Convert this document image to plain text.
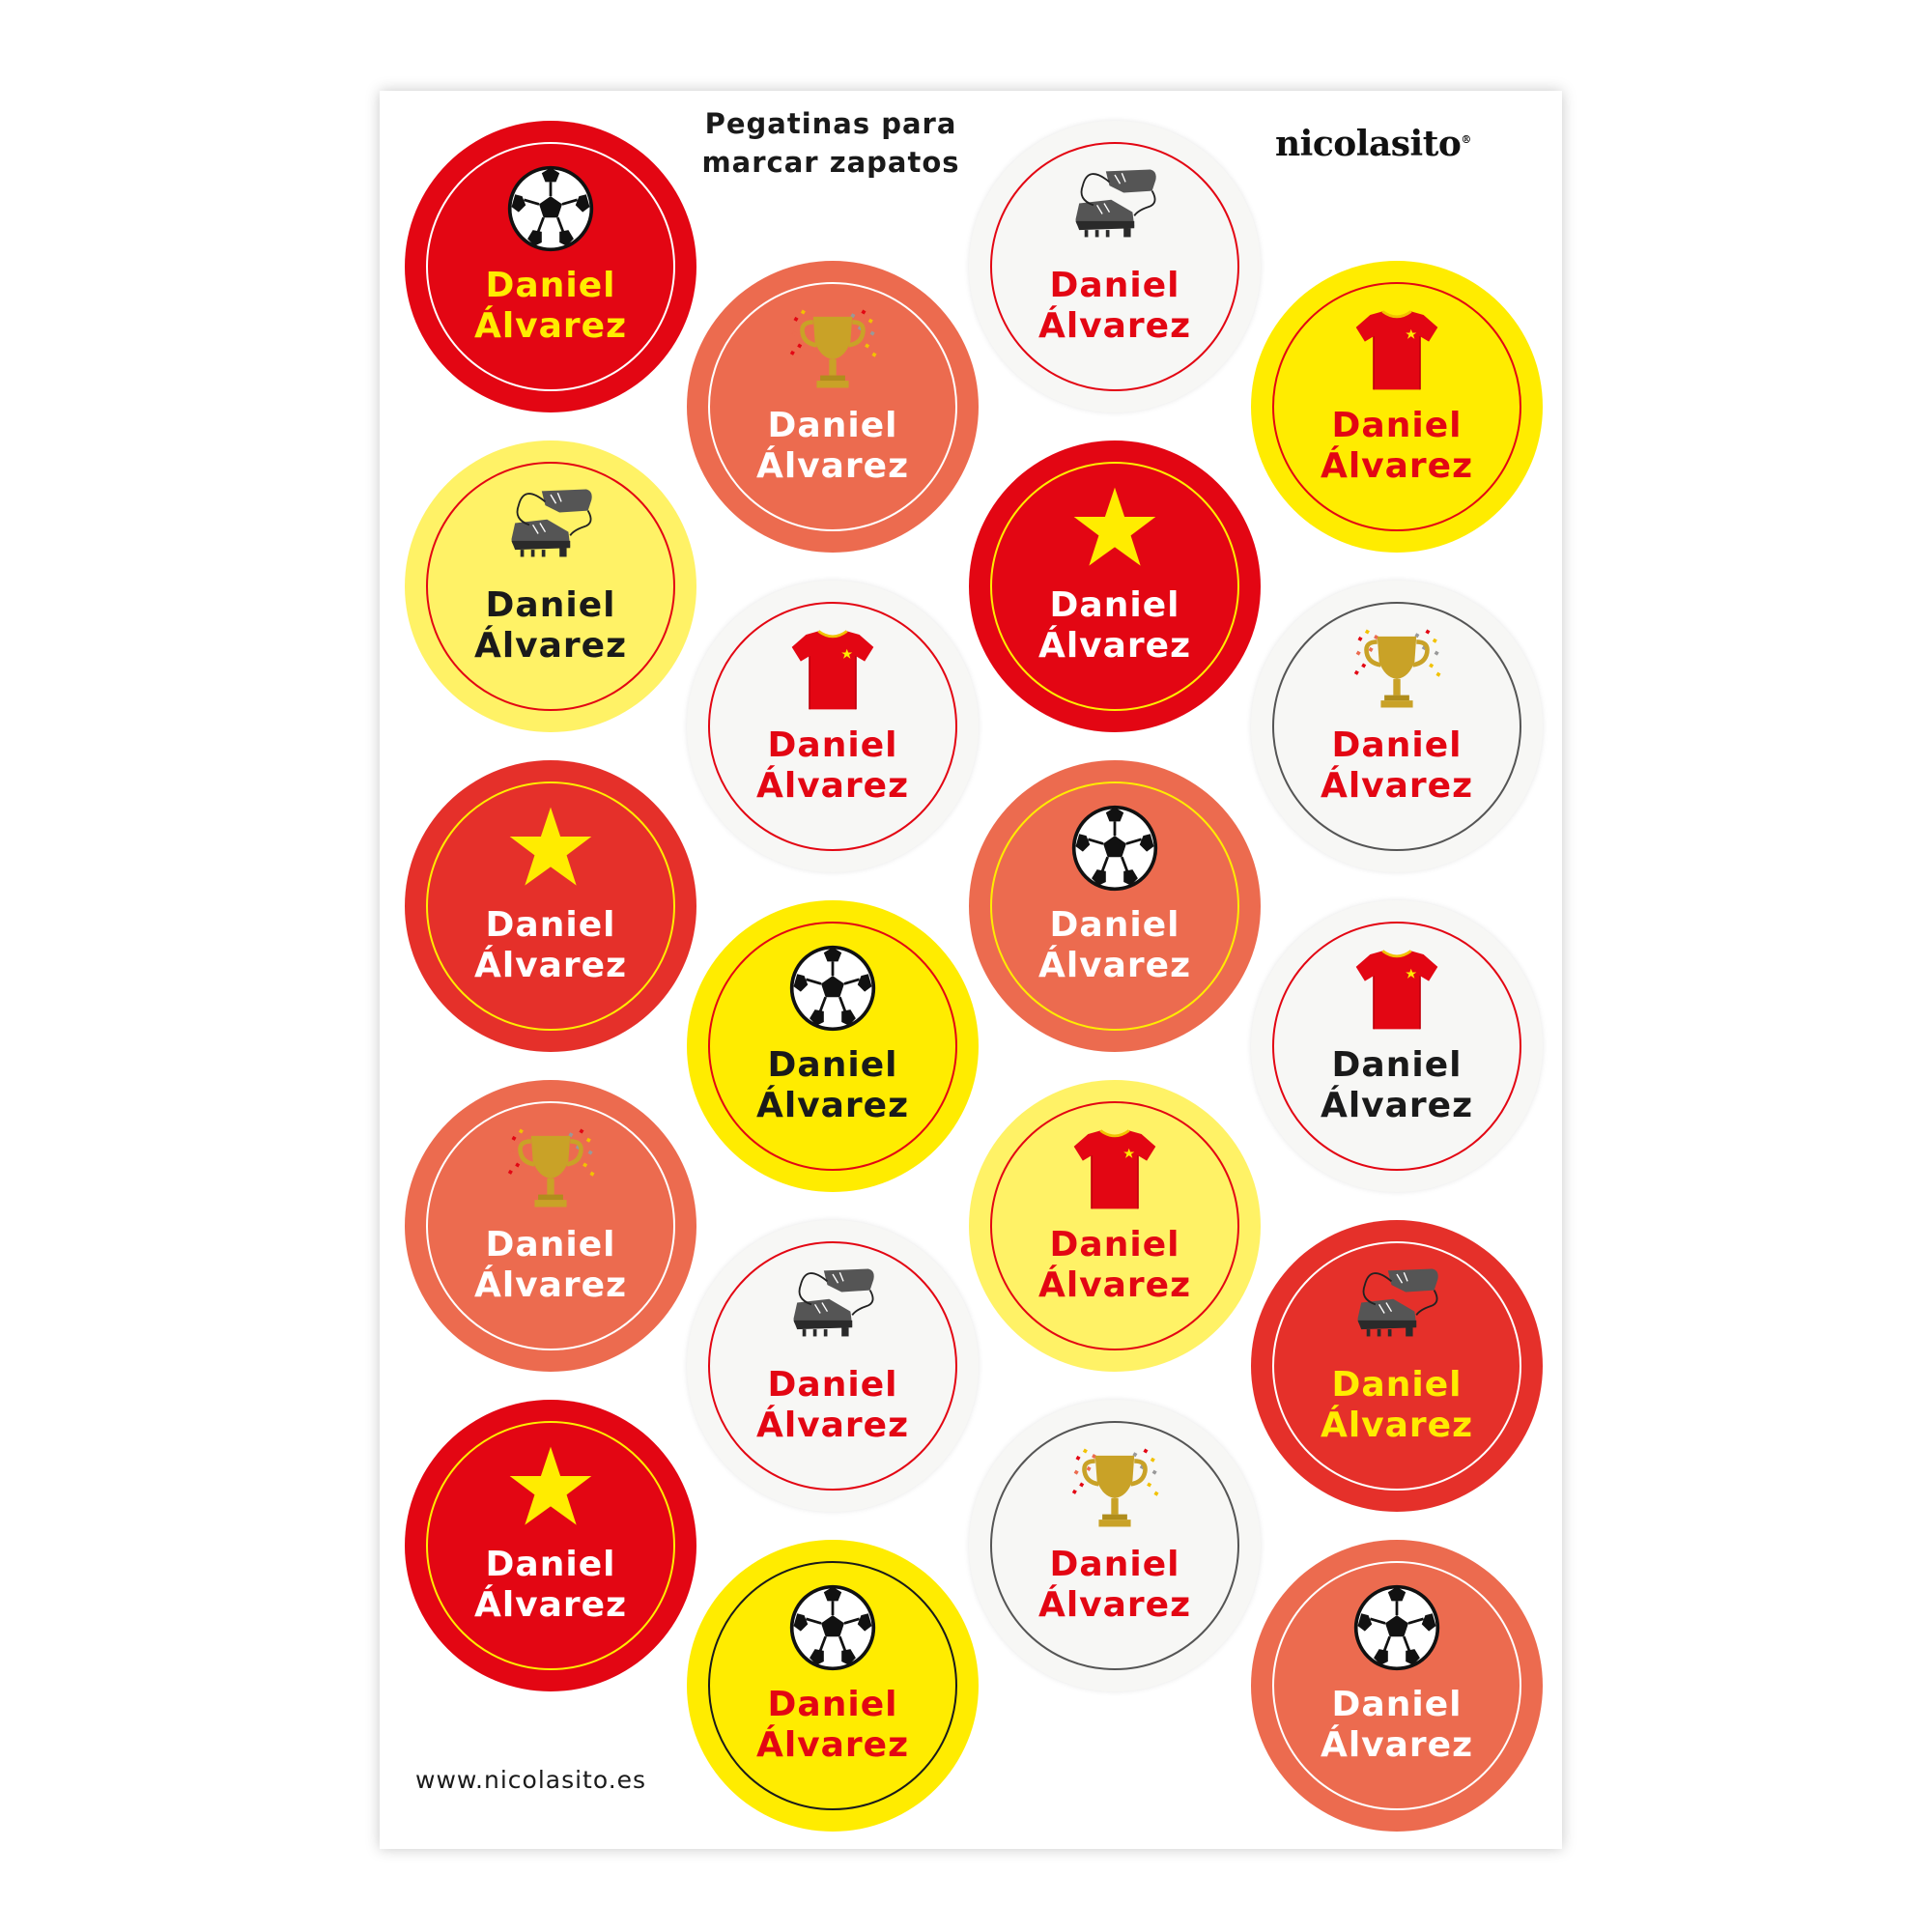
Pegatinas para
marcar zapatos	nicolasito®
www.nicolasito.es
Daniel
Álvarez
Daniel
Álvarez
Daniel
Álvarez
Daniel
Álvarez
Daniel
Álvarez
Daniel
Álvarez
Daniel
Álvarez
Daniel
Álvarez
Daniel
Álvarez
Daniel
Álvarez
Daniel
Álvarez
Daniel
Álvarez
Daniel
Álvarez
Daniel
Álvarez
Daniel
Álvarez
Daniel
Álvarez
Daniel
Álvarez
Daniel
Álvarez
Daniel
Álvarez
Daniel
Álvarez
